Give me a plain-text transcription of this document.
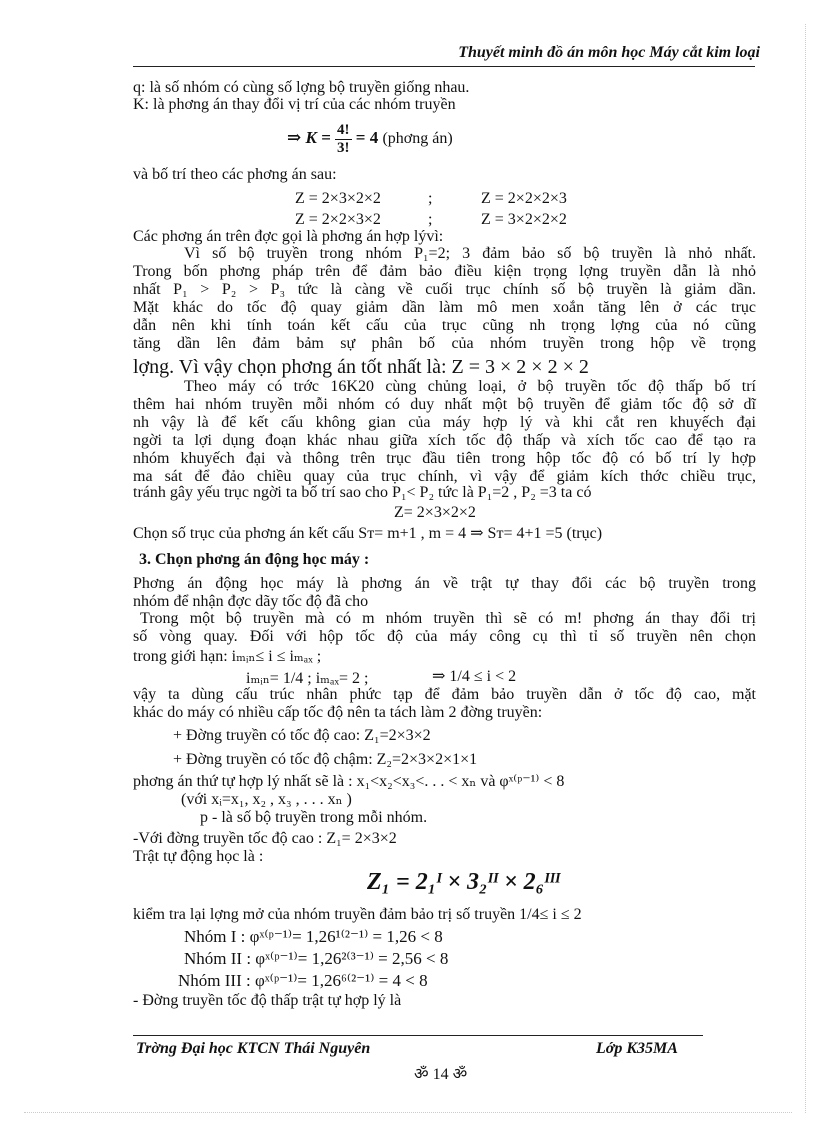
Thuyết minh đồ án môn học Máy cắt kim loại
q: là số nhóm có cùng số lợng bộ truyền giống nhau.
K: là phơng án thay đổi vị trí của các nhóm truyền
⇒ $K = \frac{4!}{3!} = 4$ (phơng án)
và bố trí theo các phơng án sau:
Z = 2×3×2×2	;	Z = 2×2×2×3
Z = 2×2×3×2	;	Z = 3×2×2×2
Các phơng án trên đợc gọi là phơng án hợp lývì:
Vì số bộ truyền trong nhóm P₁=2; 3 đảm bảo số bộ truyền là nhỏ nhất.
Trong bốn phơng pháp trên để đảm bảo điều kiện trọng lợng truyền dẫn là nhỏ
nhất P₁ > P₂ > P₃ tức là càng về cuối trục chính số bộ truyền là giảm dần.
Mặt khác do tốc độ quay giảm dần làm mô men xoắn tăng lên ở các trục
dẫn nên khi tính toán kết cấu của trục cũng nh trọng lợng của nó cũng
tăng dần lên đảm bảm sự phân bố của nhóm truyền trong hộp về trọng
lợng. Vì vậy chọn phơng án tốt nhất là: Z = 3 × 2 × 2 × 2
Theo máy có trớc 16K20 cùng chủng loại, ở bộ truyền tốc độ thấp bố trí
thêm hai nhóm truyền mỗi nhóm có duy nhất một bộ truyền để giảm tốc độ sở dĩ
nh vậy là để kết cấu không gian của máy hợp lý và khi cắt ren khuyếch đại
ngời ta lợi dụng đoạn khác nhau giữa xích tốc độ thấp và xích tốc cao để tạo ra
nhóm khuyếch đại và thông trên trục đầu tiên trong hộp tốc độ có bố trí ly hợp
ma sát để đảo chiều quay của trục chính, vì vậy để giảm kích thớc chiều trục,
tránh gây yếu trục ngời ta bố trí sao cho P₁< P₂ tức là P₁=2 , P₂ =3 ta có
Z= 2×3×2×2
Chọn số trục của phơng án kết cấu Sᴛ= m+1 , m = 4 ⇒ Sᴛ= 4+1 =5 (trục)
3. Chọn phơng án động học máy :
Phơng án động học máy là phơng án về trật tự thay đổi các bộ truyền trong
nhóm để nhận đợc dãy tốc độ đã cho
Trong một bộ truyền mà có m nhóm truyền thì sẽ có m! phơng án thay đổi trị
số vòng quay. Đối với hộp tốc độ của máy công cụ thì tỉ số truyền nên chọn
trong giới hạn: iₘᵢₙ≤ i ≤ iₘₐₓ ;
iₘᵢₙ= 1/4 ; iₘₐₓ= 2 ;	⇒ 1/4 ≤ i < 2
vậy ta dùng cấu trúc nhân phức tạp để đảm bảo truyền dẫn ở tốc độ cao, mặt
khác do máy có nhiều cấp tốc độ nên ta tách làm 2 đờng truyền:
+ Đờng truyền có tốc độ cao: Z₁=2×3×2
+ Đờng truyền có tốc độ chậm: Z₂=2×3×2×1×1
phơng án thứ tự hợp lý nhất sẽ là : x₁<x₂<x₃<. . . < xₙ và φˣ⁽ᵖ⁻¹⁾ < 8
(với xᵢ=x₁, x₂ , x₃ , . . . xₙ )
p - là số bộ truyền trong mỗi nhóm.
-Với đờng truyền tốc độ cao : Z₁= 2×3×2
Trật tự động học là :
Z₁ = 2₁ᴵ × 3₂ᴵᴵ × 2₆ᴵᴵᴵ
kiểm tra lại lợng mở của nhóm truyền đảm bảo trị số truyền 1/4≤ i ≤ 2
Nhóm I : φˣ⁽ᵖ⁻¹⁾= 1,26¹⁽²⁻¹⁾ = 1,26 < 8
Nhóm II : φˣ⁽ᵖ⁻¹⁾= 1,26²⁽³⁻¹⁾ = 2,56 < 8
Nhóm III : φˣ⁽ᵖ⁻¹⁾= 1,26⁶⁽²⁻¹⁾ = 4 < 8
- Đờng truyền tốc độ thấp trật tự hợp lý là
Trờng Đại học KTCN Thái Nguyên	Lớp K35MA
ॐ 14 ॐ
